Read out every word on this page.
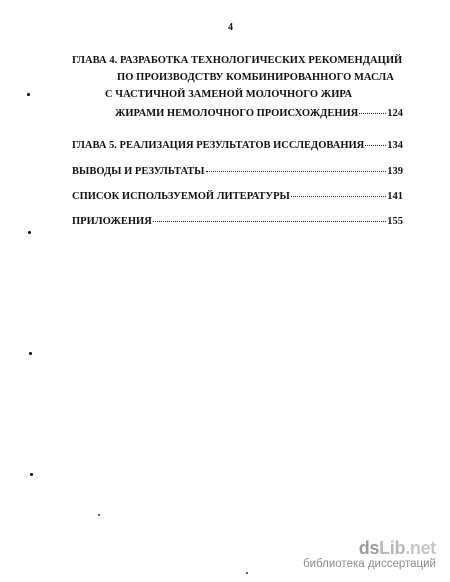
4
ГЛАВА 4. РАЗРАБОТКА ТЕХНОЛОГИЧЕСКИХ РЕКОМЕНДАЦИЙ
ПО ПРОИЗВОДСТВУ КОМБИНИРОВАННОГО МАСЛА
С ЧАСТИЧНОЙ ЗАМЕНОЙ МОЛОЧНОГО ЖИРА
ЖИРАМИ НЕМОЛОЧНОГО ПРОИСХОЖДЕНИЯ	124
ГЛАВА 5. РЕАЛИЗАЦИЯ РЕЗУЛЬТАТОВ ИССЛЕДОВАНИЯ 134
ВЫВОДЫ И РЕЗУЛЬТАТЫ	139
СПИСОК ИСПОЛЬЗУЕМОЙ ЛИТЕРАТУРЫ	141
ПРИЛОЖЕНИЯ	155
dsLib.net
библиотека диссертаций
